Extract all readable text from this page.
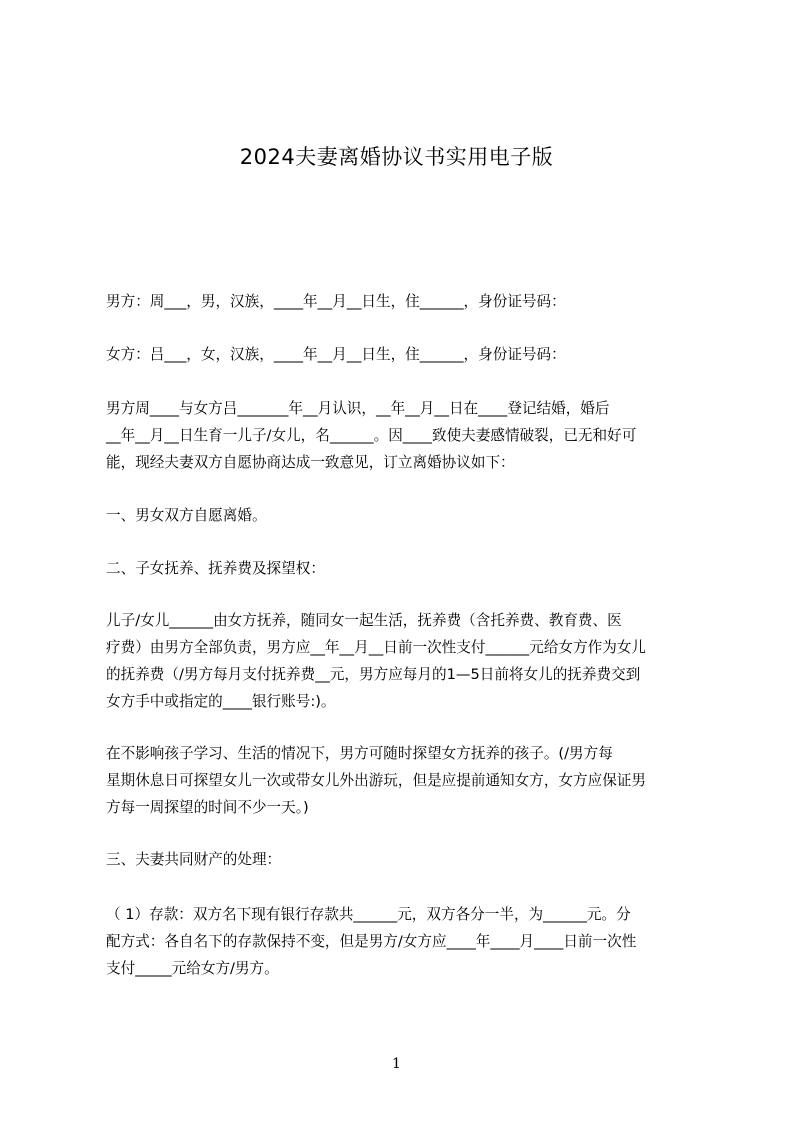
2024夫妻离婚协议书实用电子版
男方：周___，男，汉族，____年__月__日生，住______，身份证号码：
女方：吕___，女，汉族，____年__月__日生，住______，身份证号码：
男方周____与女方吕_______年__月认识，__年__月__日在____登记结婚，婚后
__年__月__日生育一儿子/女儿，名______。因____致使夫妻感情破裂，已无和好可
能，现经夫妻双方自愿协商达成一致意见，订立离婚协议如下：
一、男女双方自愿离婚。
二、子女抚养、抚养费及探望权：
儿子/女儿______由女方抚养，随同女一起生活，抚养费（含托养费、教育费、医
疗费）由男方全部负责，男方应__年__月__日前一次性支付______元给女方作为女儿
的抚养费（/男方每月支付抚养费__元，男方应每月的1—5日前将女儿的抚养费交到
女方手中或指定的____银行账号:)。
在不影响孩子学习、生活的情况下，男方可随时探望女方抚养的孩子。(/男方每
星期休息日可探望女儿一次或带女儿外出游玩，但是应提前通知女方，女方应保证男
方每一周探望的时间不少一天。)
三、夫妻共同财产的处理：
（ 1）存款：双方名下现有银行存款共______元，双方各分一半，为______元。分
配方式：各自名下的存款保持不变，但是男方/女方应____年____月____日前一次性
支付_____元给女方/男方。
1
